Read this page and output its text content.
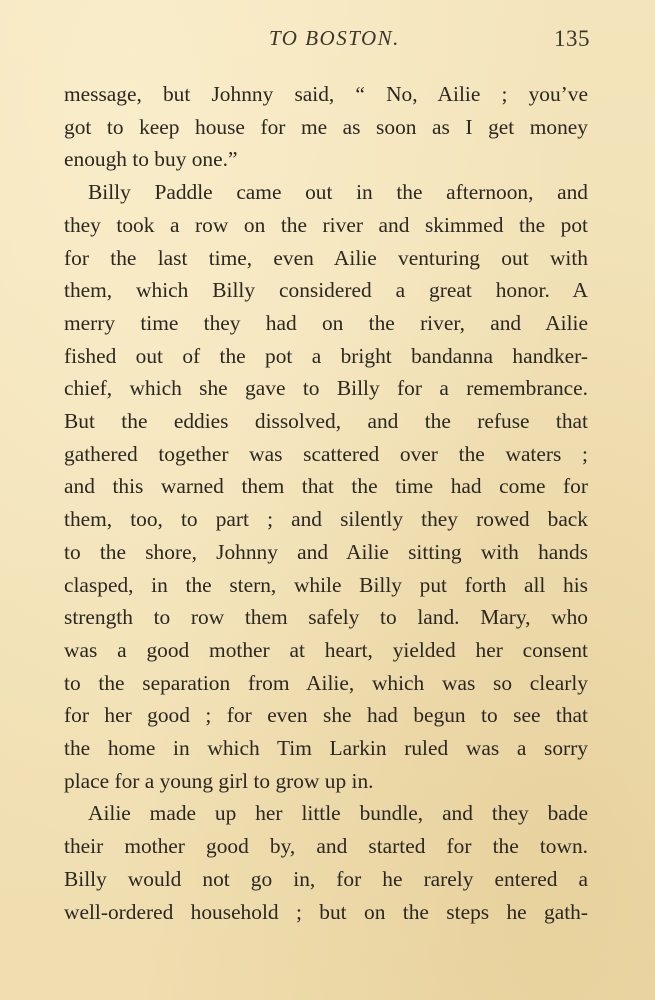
TO BOSTON.	135
message, but Johnny said, “ No, Ailie ; you’ve
got to keep house for me as soon as I get money
enough to buy one.”
Billy Paddle came out in the afternoon, and
they took a row on the river and skimmed the pot
for the last time, even Ailie venturing out with
them, which Billy considered a great honor. A
merry time they had on the river, and Ailie
fished out of the pot a bright bandanna handker-
chief, which she gave to Billy for a remembrance.
But the eddies dissolved, and the refuse that
gathered together was scattered over the waters ;
and this warned them that the time had come for
them, too, to part ; and silently they rowed back
to the shore, Johnny and Ailie sitting with hands
clasped, in the stern, while Billy put forth all his
strength to row them safely to land. Mary, who
was a good mother at heart, yielded her consent
to the separation from Ailie, which was so clearly
for her good ; for even she had begun to see that
the home in which Tim Larkin ruled was a sorry
place for a young girl to grow up in.
Ailie made up her little bundle, and they bade
their mother good by, and started for the town.
Billy would not go in, for he rarely entered a
well-ordered household ; but on the steps he gath-
